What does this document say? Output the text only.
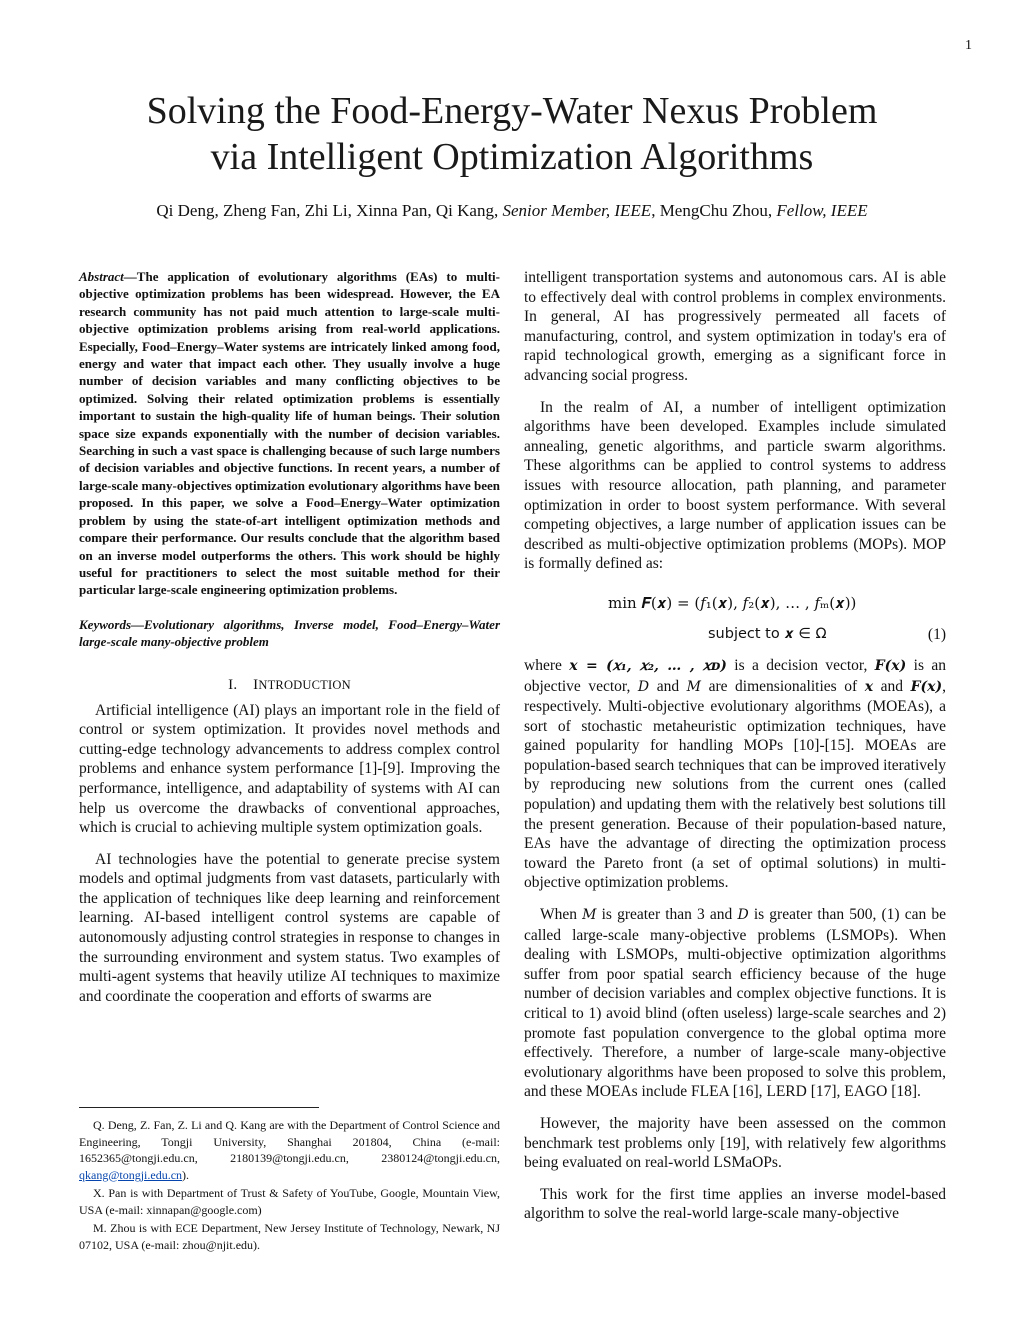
1
Solving the Food-Energy-Water Nexus Problem
via Intelligent Optimization Algorithms
Qi Deng, Zheng Fan, Zhi Li, Xinna Pan, Qi Kang, Senior Member, IEEE, MengChu Zhou, Fellow, IEEE

Abstract—The application of evolutionary algorithms (EAs) to multi-objective optimization problems has been widespread. However, the EA research community has not paid much attention to large-scale multi-objective optimization problems arising from real-world applications. Especially, Food–Energy–Water systems are intricately linked among food, energy and water that impact each other. They usually involve a huge number of decision variables and many conflicting objectives to be optimized. Solving their related optimization problems is essentially important to sustain the high-quality life of human beings. Their solution space size expands exponentially with the number of decision variables. Searching in such a vast space is challenging because of such large numbers of decision variables and objective functions. In recent years, a number of large-scale many-objectives optimization evolutionary algorithms have been proposed. In this paper, we solve a Food–Energy–Water optimization problem by using the state-of-art intelligent optimization methods and compare their performance. Our results conclude that the algorithm based on an inverse model outperforms the others. This work should be highly useful for practitioners to select the most suitable method for their particular large-scale engineering optimization problems.

Keywords—Evolutionary algorithms, Inverse model, Food–Energy–Water large-scale many-objective problem

I. INTRODUCTION

Artificial intelligence (AI) plays an important role in the field of control or system optimization. It provides novel methods and cutting-edge technology advancements to address complex control problems and enhance system performance [1]-[9]. Improving the performance, intelligence, and adaptability of systems with AI can help us overcome the drawbacks of conventional approaches, which is crucial to achieving multiple system optimization goals.

AI technologies have the potential to generate precise system models and optimal judgments from vast datasets, particularly with the application of techniques like deep learning and reinforcement learning. AI-based intelligent control systems are capable of autonomously adjusting control strategies in response to changes in the surrounding environment and system status. Two examples of multi-agent systems that heavily utilize AI techniques to maximize and coordinate the cooperation and efforts of swarms are

Q. Deng, Z. Fan, Z. Li and Q. Kang are with the Department of Control Science and Engineering, Tongji University, Shanghai 201804, China (e-mail: 1652365@tongji.edu.cn, 2180139@tongji.edu.cn, 2380124@tongji.edu.cn, qkang@tongji.edu.cn).

X. Pan is with Department of Trust & Safety of YouTube, Google, Mountain View, USA (e-mail: xinnapan@google.com)

M. Zhou is with ECE Department, New Jersey Institute of Technology, Newark, NJ 07102, USA (e-mail: zhou@njit.edu).

intelligent transportation systems and autonomous cars. AI is able to effectively deal with control problems in complex environments. In general, AI has progressively permeated all facets of manufacturing, control, and system optimization in today's era of rapid technological growth, emerging as a significant force in advancing social progress.

In the realm of AI, a number of intelligent optimization algorithms have been developed. Examples include simulated annealing, genetic algorithms, and particle swarm algorithms. These algorithms can be applied to control systems to address issues with resource allocation, path planning, and parameter optimization in order to boost system performance. With several competing objectives, a large number of application issues can be described as multi-objective optimization problems (MOPs). MOP is formally defined as:

min 𝑭(𝒙) = (𝑓₁(𝒙), 𝑓₂(𝒙), … , 𝑓ₘ(𝒙))
subject to 𝒙 ∈ Ω	(1)

where 𝒙 = (𝑥₁, 𝑥₂, … , 𝑥ᴅ) is a decision vector, 𝑭(𝒙) is an objective vector, 𝐷 and 𝑀 are dimensionalities of 𝒙 and 𝑭(𝒙), respectively. Multi-objective evolutionary algorithms (MOEAs), a sort of stochastic metaheuristic optimization techniques, have gained popularity for handling MOPs [10]-[15]. MOEAs are population-based search techniques that can be improved iteratively by reproducing new solutions from the current ones (called population) and updating them with the relatively best solutions till the present generation. Because of their population-based nature, EAs have the advantage of directing the optimization process toward the Pareto front (a set of optimal solutions) in multi-objective optimization problems.

When 𝑀 is greater than 3 and 𝐷 is greater than 500, (1) can be called large-scale many-objective problems (LSMOPs). When dealing with LSMOPs, multi-objective optimization algorithms suffer from poor spatial search efficiency because of the huge number of decision variables and complex objective functions. It is critical to 1) avoid blind (often useless) large-scale searches and 2) promote fast population convergence to the global optima more effectively. Therefore, a number of large-scale many-objective evolutionary algorithms have been proposed to solve this problem, and these MOEAs include FLEA [16], LERD [17], EAGO [18].

However, the majority have been assessed on the common benchmark test problems only [19], with relatively few algorithms being evaluated on real-world LSMaOPs.

This work for the first time applies an inverse model-based algorithm to solve the real-world large-scale many-objective
